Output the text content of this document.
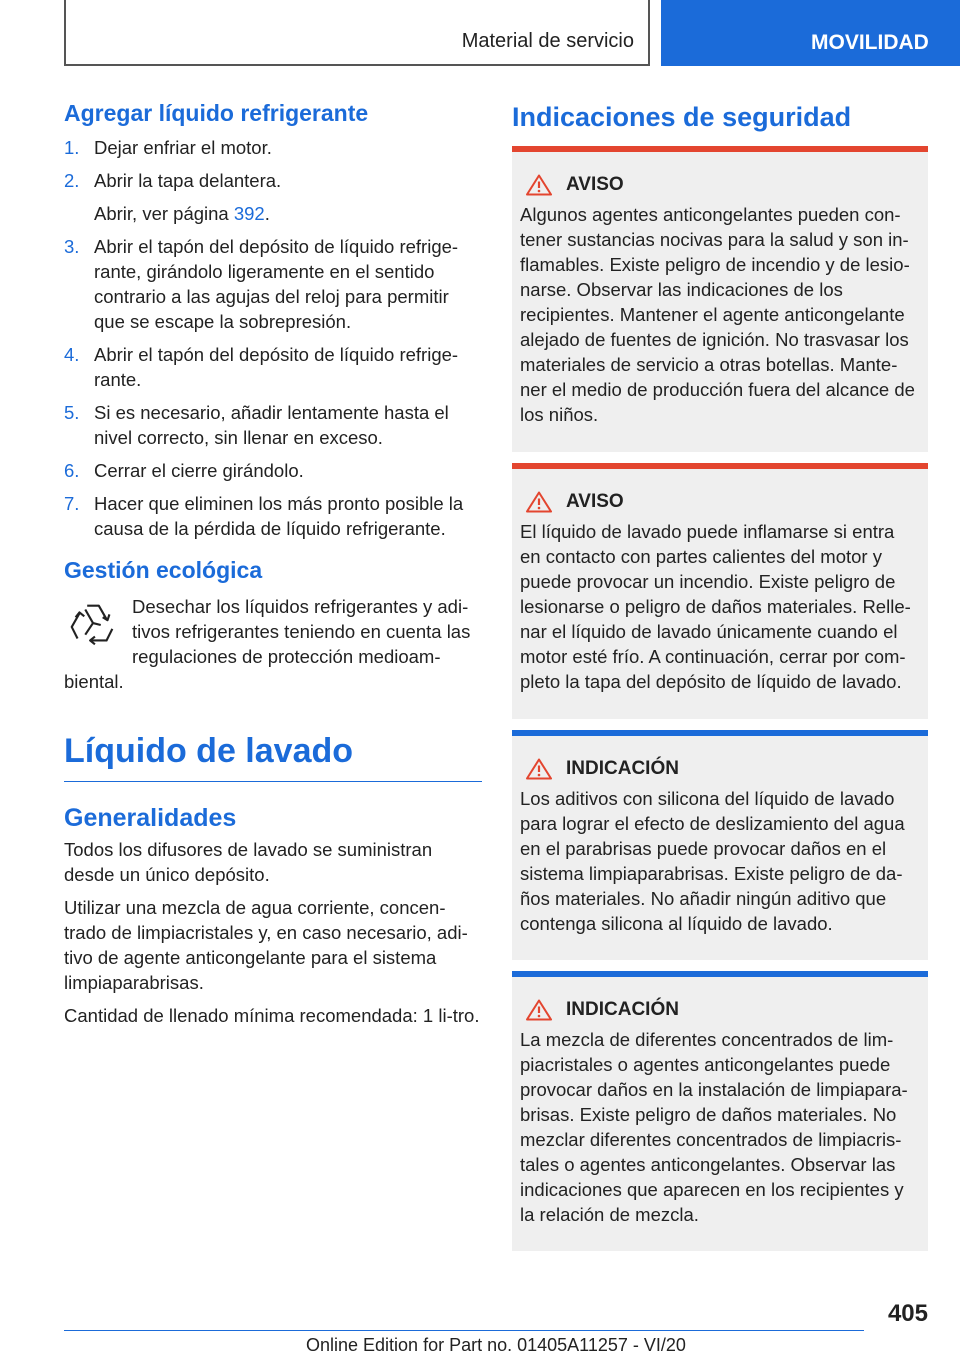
Material de servicio	MOVILIDAD
Agregar líquido refrigerante
1. Dejar enfriar el motor.
2. Abrir la tapa delantera.
Abrir, ver página 392.
3. Abrir el tapón del depósito de líquido refrige-rante, girándolo ligeramente en el sentido contrario a las agujas del reloj para permitir que se escape la sobrepresión.
4. Abrir el tapón del depósito de líquido refrige-rante.
5. Si es necesario, añadir lentamente hasta el nivel correcto, sin llenar en exceso.
6. Cerrar el cierre girándolo.
7. Hacer que eliminen los más pronto posible la causa de la pérdida de líquido refrigerante.
Gestión ecológica
Desechar los líquidos refrigerantes y adi-tivos refrigerantes teniendo en cuenta las regulaciones de protección medioam-biental.
Líquido de lavado
Generalidades

Todos los difusores de lavado se suministran desde un único depósito.

Utilizar una mezcla de agua corriente, concen-trado de limpiacristales y, en caso necesario, adi-tivo de agente anticongelante para el sistema limpiaparabrisas.

Cantidad de llenado mínima recomendada: 1 li-tro.

Indicaciones de seguridad
AVISO
Algunos agentes anticongelantes pueden con-tener sustancias nocivas para la salud y son in-flamables. Existe peligro de incendio y de lesio-narse. Observar las indicaciones de los recipientes. Mantener el agente anticongelante alejado de fuentes de ignición. No trasvasar los materiales de servicio a otras botellas. Mante-ner el medio de producción fuera del alcance de los niños.
AVISO
El líquido de lavado puede inflamarse si entra en contacto con partes calientes del motor y puede provocar un incendio. Existe peligro de lesionarse o peligro de daños materiales. Relle-nar el líquido de lavado únicamente cuando el motor esté frío. A continuación, cerrar por com-pleto la tapa del depósito de líquido de lavado.
INDICACIÓN
Los aditivos con silicona del líquido de lavado para lograr el efecto de deslizamiento del agua en el parabrisas puede provocar daños en el sistema limpiaparabrisas. Existe peligro de da-ños materiales. No añadir ningún aditivo que contenga silicona al líquido de lavado.
INDICACIÓN
La mezcla de diferentes concentrados de lim-piacristales o agentes anticongelantes puede provocar daños en la instalación de limpiapara-brisas. Existe peligro de daños materiales. No mezclar diferentes concentrados de limpiacris-tales o agentes anticongelantes. Observar las indicaciones que aparecen en los recipientes y la relación de mezcla.
405
Online Edition for Part no. 01405A11257 - VI/20
